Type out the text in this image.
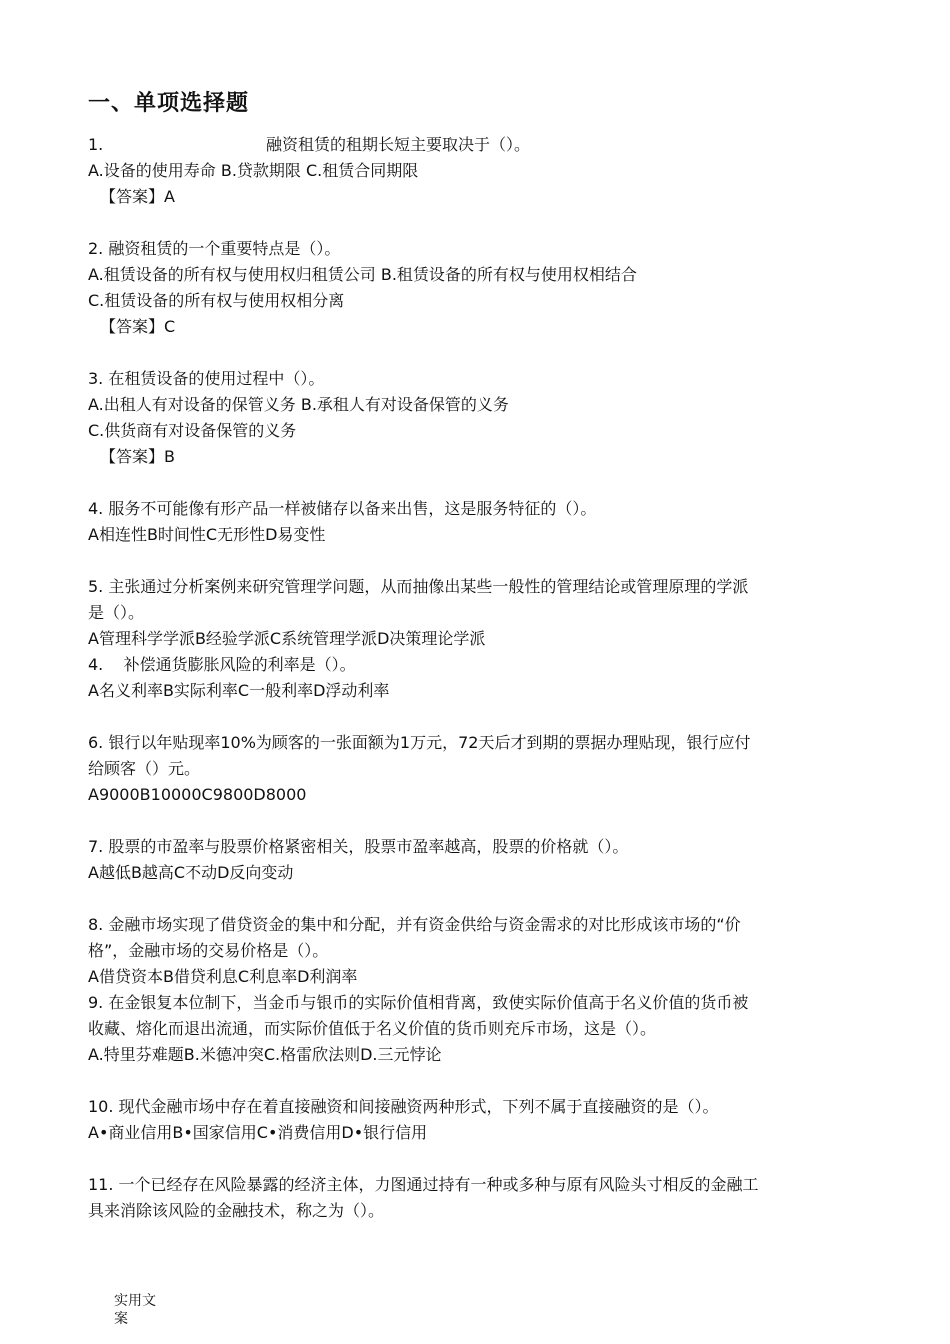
一、单项选择题

1.                                融资租赁的租期长短主要取决于（）。

A.设备的使用寿命 B.贷款期限 C.租赁合同期限

【答案】A

2. 融资租赁的一个重要特点是（）。

A.租赁设备的所有权与使用权归租赁公司 B.租赁设备的所有权与使用权相结合

C.租赁设备的所有权与使用权相分离

【答案】C

3. 在租赁设备的使用过程中（）。

A.出租人有对设备的保管义务 B.承租人有对设备保管的义务

C.供货商有对设备保管的义务

【答案】B

4. 服务不可能像有形产品一样被储存以备来出售，这是服务特征的（）。

A相连性B时间性C无形性D易变性

5. 主张通过分析案例来研究管理学问题，从而抽像出某些一般性的管理结论或管理原理的学派

是（）。

A管理科学学派B经验学派C系统管理学派D决策理论学派

4.    补偿通货膨胀风险的利率是（）。

A名义利率B实际利率C一般利率D浮动利率

6. 银行以年贴现率10%为顾客的一张面额为1万元，72天后才到期的票据办理贴现，银行应付

给顾客（）元。

A9000B10000C9800D8000

7. 股票的市盈率与股票价格紧密相关，股票市盈率越高，股票的价格就（）。

A越低B越高C不动D反向变动

8. 金融市场实现了借贷资金的集中和分配，并有资金供给与资金需求的对比形成该市场的“价

格”，金融市场的交易价格是（）。

A借贷资本B借贷利息C利息率D利润率

9. 在金银复本位制下，当金币与银币的实际价值相背离，致使实际价值高于名义价值的货币被

收藏、熔化而退出流通，而实际价值低于名义价值的货币则充斥市场，这是（）。

A.特里芬难题B.米德冲突C.格雷欣法则D.三元悖论

10. 现代金融市场中存在着直接融资和间接融资两种形式，下列不属于直接融资的是（）。

A•商业信用B•国家信用C•消费信用D•银行信用

11. 一个已经存在风险暴露的经济主体，力图通过持有一种或多种与原有风险头寸相反的金融工

具来消除该风险的金融技术，称之为（）。

实用文案
